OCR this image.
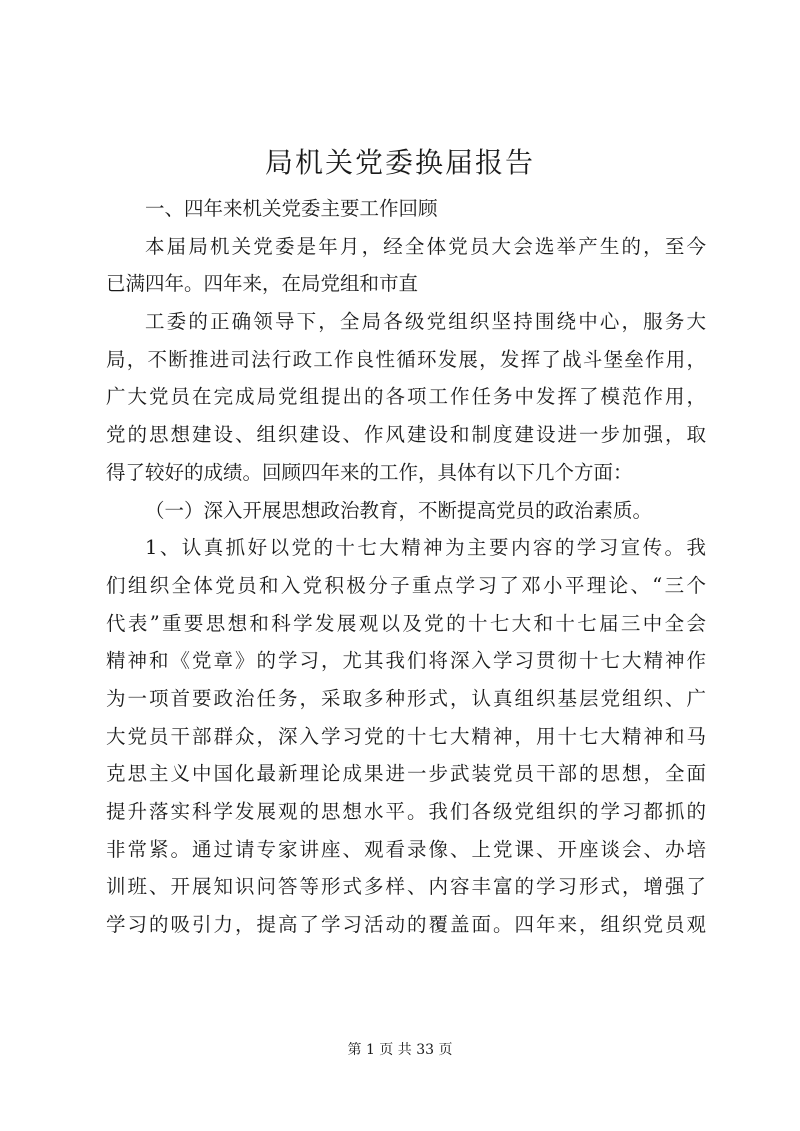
局机关党委换届报告
一、四年来机关党委主要工作回顾
本届局机关党委是年月，经全体党员大会选举产生的，至今
已满四年。四年来，在局党组和市直
工委的正确领导下，全局各级党组织坚持围绕中心，服务大
局，不断推进司法行政工作良性循环发展，发挥了战斗堡垒作用，
广大党员在完成局党组提出的各项工作任务中发挥了模范作用，
党的思想建设、组织建设、作风建设和制度建设进一步加强，取
得了较好的成绩。回顾四年来的工作，具体有以下几个方面：
（一）深入开展思想政治教育，不断提高党员的政治素质。
1、认真抓好以党的十七大精神为主要内容的学习宣传。我
们组织全体党员和入党积极分子重点学习了邓小平理论、“三个
代表”重要思想和科学发展观以及党的十七大和十七届三中全会
精神和《党章》的学习，尤其我们将深入学习贯彻十七大精神作
为一项首要政治任务，采取多种形式，认真组织基层党组织、广
大党员干部群众，深入学习党的十七大精神，用十七大精神和马
克思主义中国化最新理论成果进一步武装党员干部的思想，全面
提升落实科学发展观的思想水平。我们各级党组织的学习都抓的
非常紧。通过请专家讲座、观看录像、上党课、开座谈会、办培
训班、开展知识问答等形式多样、内容丰富的学习形式，增强了
学习的吸引力，提高了学习活动的覆盖面。四年来，组织党员观
第 1 页 共 33 页
